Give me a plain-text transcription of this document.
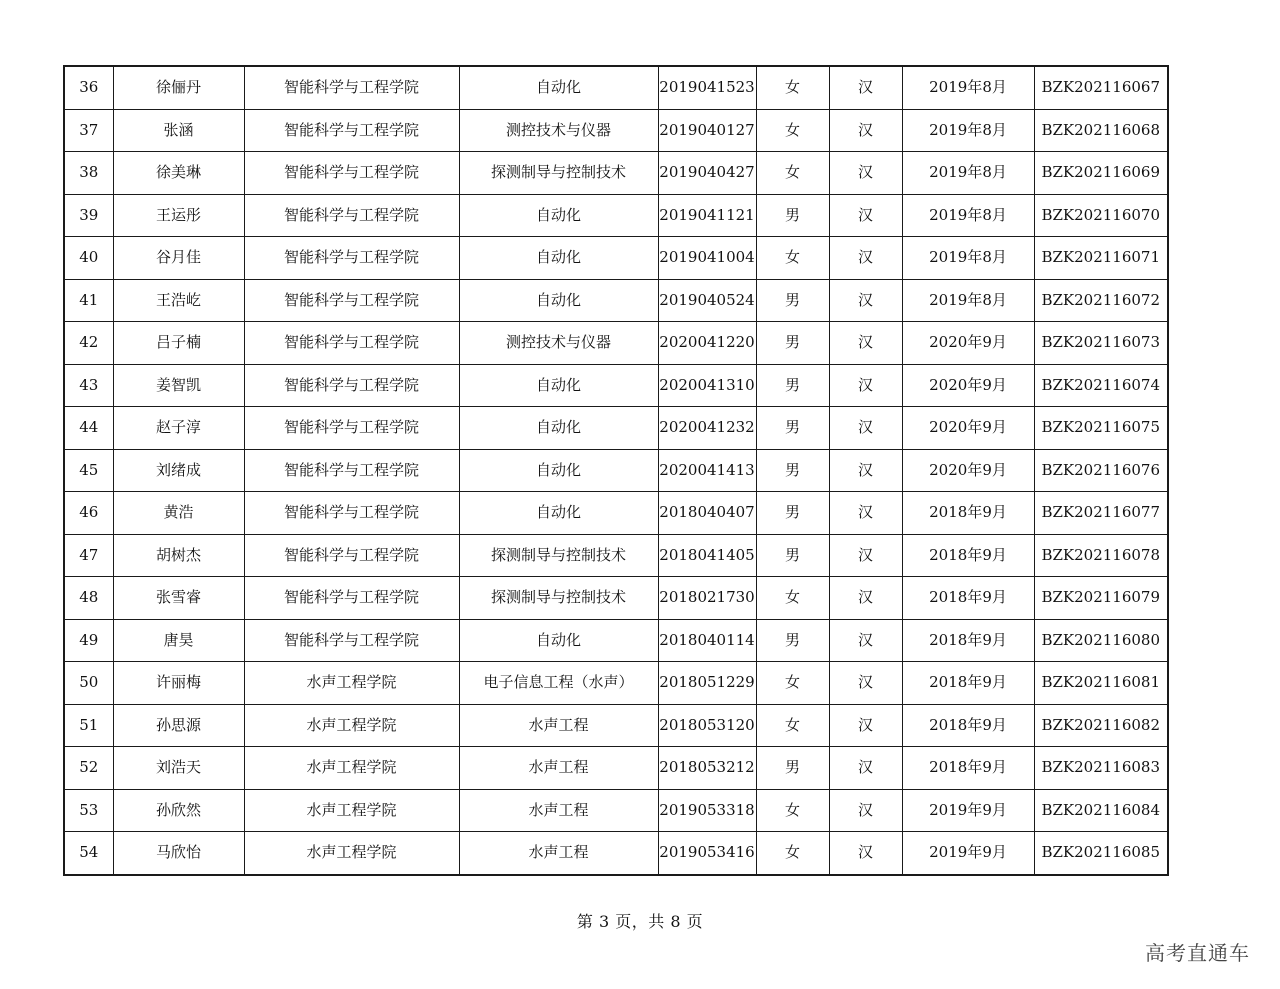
36	徐俪丹	智能科学与工程学院	自动化	2019041523	女	汉	2019年8月	BZK202116067
37	张涵	智能科学与工程学院	测控技术与仪器	2019040127	女	汉	2019年8月	BZK202116068
38	徐美琳	智能科学与工程学院	探测制导与控制技术	2019040427	女	汉	2019年8月	BZK202116069
39	王运彤	智能科学与工程学院	自动化	2019041121	男	汉	2019年8月	BZK202116070
40	谷月佳	智能科学与工程学院	自动化	2019041004	女	汉	2019年8月	BZK202116071
41	王浩屹	智能科学与工程学院	自动化	2019040524	男	汉	2019年8月	BZK202116072
42	吕子楠	智能科学与工程学院	测控技术与仪器	2020041220	男	汉	2020年9月	BZK202116073
43	姜智凯	智能科学与工程学院	自动化	2020041310	男	汉	2020年9月	BZK202116074
44	赵子淳	智能科学与工程学院	自动化	2020041232	男	汉	2020年9月	BZK202116075
45	刘绪成	智能科学与工程学院	自动化	2020041413	男	汉	2020年9月	BZK202116076
46	黄浩	智能科学与工程学院	自动化	2018040407	男	汉	2018年9月	BZK202116077
47	胡树杰	智能科学与工程学院	探测制导与控制技术	2018041405	男	汉	2018年9月	BZK202116078
48	张雪睿	智能科学与工程学院	探测制导与控制技术	2018021730	女	汉	2018年9月	BZK202116079
49	唐昊	智能科学与工程学院	自动化	2018040114	男	汉	2018年9月	BZK202116080
50	许丽梅	水声工程学院	电子信息工程（水声）	2018051229	女	汉	2018年9月	BZK202116081
51	孙思源	水声工程学院	水声工程	2018053120	女	汉	2018年9月	BZK202116082
52	刘浩天	水声工程学院	水声工程	2018053212	男	汉	2018年9月	BZK202116083
53	孙欣然	水声工程学院	水声工程	2019053318	女	汉	2019年9月	BZK202116084
54	马欣怡	水声工程学院	水声工程	2019053416	女	汉	2019年9月	BZK202116085
第 3 页，共 8 页
高考直通车
